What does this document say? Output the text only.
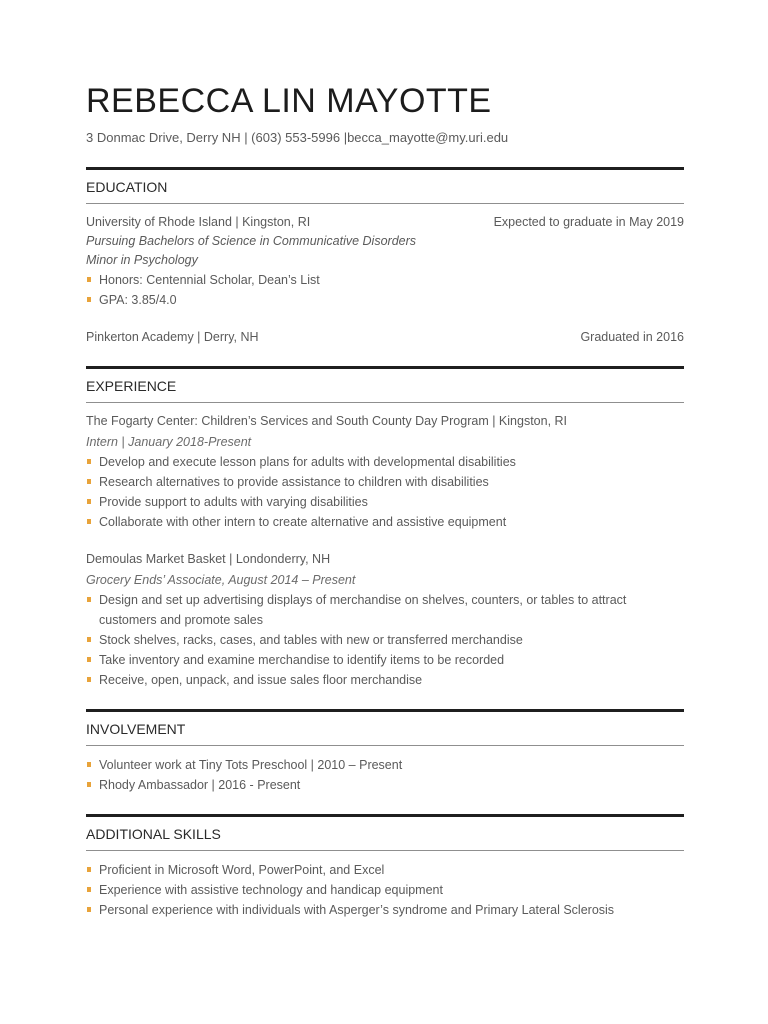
REBECCA LIN MAYOTTE
3 Donmac Drive, Derry NH | (603) 553-5996 |becca_mayotte@my.uri.edu
EDUCATION
University of Rhode Island | Kingston, RI	Expected to graduate in May 2019
Pursuing Bachelors of Science in Communicative Disorders
Minor in Psychology
Honors: Centennial Scholar, Dean’s List
GPA: 3.85/4.0
Pinkerton Academy | Derry, NH	Graduated in 2016
EXPERIENCE
The Fogarty Center: Children’s Services and South County Day Program | Kingston, RI
Intern | January 2018-Present
Develop and execute lesson plans for adults with developmental disabilities
Research alternatives to provide assistance to children with disabilities
Provide support to adults with varying disabilities
Collaborate with other intern to create alternative and assistive equipment
Demoulas Market Basket | Londonderry, NH
Grocery Ends’ Associate, August 2014 – Present
Design and set up advertising displays of merchandise on shelves, counters, or tables to attract customers and promote sales
Stock shelves, racks, cases, and tables with new or transferred merchandise
Take inventory and examine merchandise to identify items to be recorded
Receive, open, unpack, and issue sales floor merchandise
INVOLVEMENT
Volunteer work at Tiny Tots Preschool | 2010 – Present
Rhody Ambassador | 2016 - Present
ADDITIONAL SKILLS
Proficient in Microsoft Word, PowerPoint, and Excel
Experience with assistive technology and handicap equipment
Personal experience with individuals with Asperger’s syndrome and Primary Lateral Sclerosis
